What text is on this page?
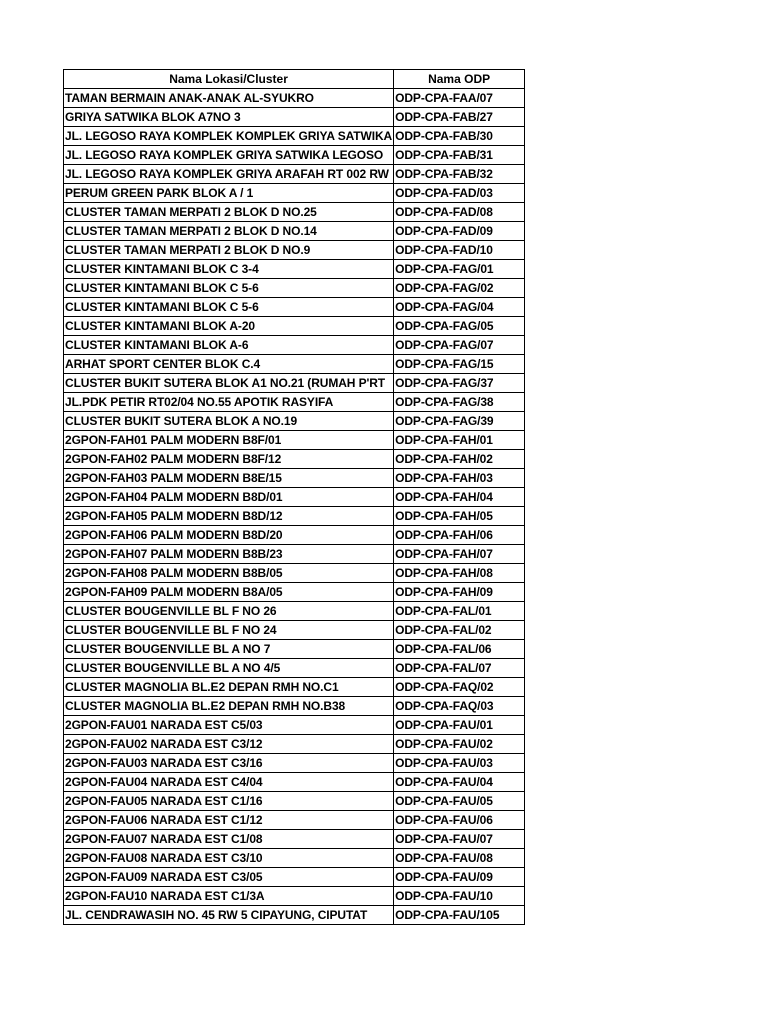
Nama Lokasi/Cluster	Nama ODP
TAMAN BERMAIN ANAK-ANAK AL-SYUKRO	ODP-CPA-FAA/07
GRIYA SATWIKA BLOK A7NO 3	ODP-CPA-FAB/27
JL. LEGOSO RAYA KOMPLEK KOMPLEK GRIYA SATWIKA	ODP-CPA-FAB/30
JL. LEGOSO RAYA KOMPLEK GRIYA SATWIKA LEGOSO	ODP-CPA-FAB/31
JL. LEGOSO RAYA KOMPLEK GRIYA ARAFAH RT 002 RW	ODP-CPA-FAB/32
PERUM GREEN PARK BLOK A / 1	ODP-CPA-FAD/03
CLUSTER TAMAN MERPATI 2 BLOK D NO.25	ODP-CPA-FAD/08
CLUSTER TAMAN MERPATI 2 BLOK D NO.14	ODP-CPA-FAD/09
CLUSTER TAMAN MERPATI 2 BLOK D NO.9	ODP-CPA-FAD/10
CLUSTER KINTAMANI BLOK C 3-4	ODP-CPA-FAG/01
CLUSTER KINTAMANI BLOK C 5-6	ODP-CPA-FAG/02
CLUSTER KINTAMANI BLOK C 5-6	ODP-CPA-FAG/04
CLUSTER KINTAMANI BLOK A-20	ODP-CPA-FAG/05
CLUSTER KINTAMANI BLOK A-6	ODP-CPA-FAG/07
ARHAT SPORT CENTER BLOK C.4	ODP-CPA-FAG/15
CLUSTER BUKIT SUTERA BLOK A1 NO.21 (RUMAH P'RT	ODP-CPA-FAG/37
JL.PDK PETIR RT02/04 NO.55 APOTIK RASYIFA	ODP-CPA-FAG/38
CLUSTER BUKIT SUTERA BLOK A NO.19	ODP-CPA-FAG/39
2GPON-FAH01 PALM MODERN B8F/01	ODP-CPA-FAH/01
2GPON-FAH02 PALM MODERN B8F/12	ODP-CPA-FAH/02
2GPON-FAH03 PALM MODERN B8E/15	ODP-CPA-FAH/03
2GPON-FAH04 PALM MODERN B8D/01	ODP-CPA-FAH/04
2GPON-FAH05 PALM MODERN B8D/12	ODP-CPA-FAH/05
2GPON-FAH06 PALM MODERN B8D/20	ODP-CPA-FAH/06
2GPON-FAH07 PALM MODERN B8B/23	ODP-CPA-FAH/07
2GPON-FAH08 PALM MODERN B8B/05	ODP-CPA-FAH/08
2GPON-FAH09 PALM MODERN B8A/05	ODP-CPA-FAH/09
CLUSTER BOUGENVILLE BL F NO 26	ODP-CPA-FAL/01
CLUSTER BOUGENVILLE BL F NO 24	ODP-CPA-FAL/02
CLUSTER BOUGENVILLE BL A NO 7	ODP-CPA-FAL/06
CLUSTER BOUGENVILLE BL A NO 4/5	ODP-CPA-FAL/07
CLUSTER MAGNOLIA BL.E2 DEPAN RMH NO.C1	ODP-CPA-FAQ/02
CLUSTER MAGNOLIA BL.E2 DEPAN RMH NO.B38	ODP-CPA-FAQ/03
2GPON-FAU01 NARADA EST C5/03	ODP-CPA-FAU/01
2GPON-FAU02 NARADA EST C3/12	ODP-CPA-FAU/02
2GPON-FAU03 NARADA EST C3/16	ODP-CPA-FAU/03
2GPON-FAU04 NARADA EST C4/04	ODP-CPA-FAU/04
2GPON-FAU05 NARADA EST C1/16	ODP-CPA-FAU/05
2GPON-FAU06 NARADA EST C1/12	ODP-CPA-FAU/06
2GPON-FAU07 NARADA EST C1/08	ODP-CPA-FAU/07
2GPON-FAU08 NARADA EST C3/10	ODP-CPA-FAU/08
2GPON-FAU09 NARADA EST C3/05	ODP-CPA-FAU/09
2GPON-FAU10 NARADA EST C1/3A	ODP-CPA-FAU/10
JL. CENDRAWASIH NO. 45 RW 5 CIPAYUNG, CIPUTAT	ODP-CPA-FAU/105
